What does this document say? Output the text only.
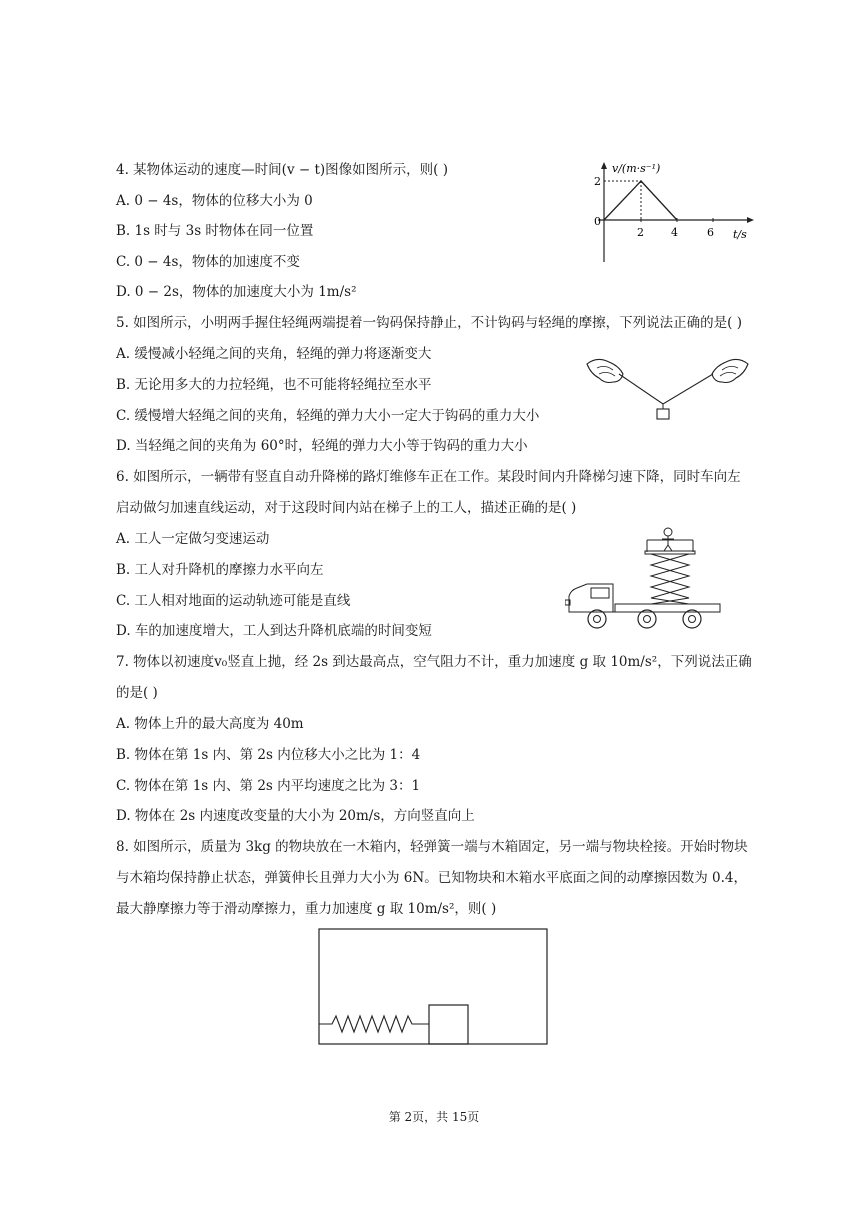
4. 某物体运动的速度—时间(v − t)图像如图所示，则( )
A. 0 − 4s，物体的位移大小为 0
B. 1s 时与 3s 时物体在同一位置
C. 0 − 4s，物体的加速度不变
D. 0 − 2s，物体的加速度大小为 1m/s²
v/(m·s⁻¹)
t/s
2
0
2 4	6
5. 如图所示，小明两手握住轻绳两端提着一钩码保持静止，不计钩码与轻绳的摩擦，下列说法正确的是( )
A. 缓慢减小轻绳之间的夹角，轻绳的弹力将逐渐变大
B. 无论用多大的力拉轻绳，也不可能将轻绳拉至水平
C. 缓慢增大轻绳之间的夹角，轻绳的弹力大小一定大于钩码的重力大小
D. 当轻绳之间的夹角为 60°时，轻绳的弹力大小等于钩码的重力大小
6. 如图所示，一辆带有竖直自动升降梯的路灯维修车正在工作。某段时间内升降梯匀速下降，同时车向左
启动做匀加速直线运动，对于这段时间内站在梯子上的工人，描述正确的是( )
A. 工人一定做匀变速运动
B. 工人对升降机的摩擦力水平向左
C. 工人相对地面的运动轨迹可能是直线
D. 车的加速度增大，工人到达升降机底端的时间变短
7. 物体以初速度v₀竖直上抛，经 2s 到达最高点，空气阻力不计，重力加速度 g 取 10m/s²，下列说法正确
的是( )
A. 物体上升的最大高度为 40m
B. 物体在第 1s 内、第 2s 内位移大小之比为 1：4
C. 物体在第 1s 内、第 2s 内平均速度之比为 3：1
D. 物体在 2s 内速度改变量的大小为 20m/s，方向竖直向上
8. 如图所示，质量为 3kg 的物块放在一木箱内，轻弹簧一端与木箱固定，另一端与物块栓接。开始时物块
与木箱均保持静止状态，弹簧伸长且弹力大小为 6N。已知物块和木箱水平底面之间的动摩擦因数为 0.4，
最大静摩擦力等于滑动摩擦力，重力加速度 g 取 10m/s²，则( )
第 2页，共 15页
